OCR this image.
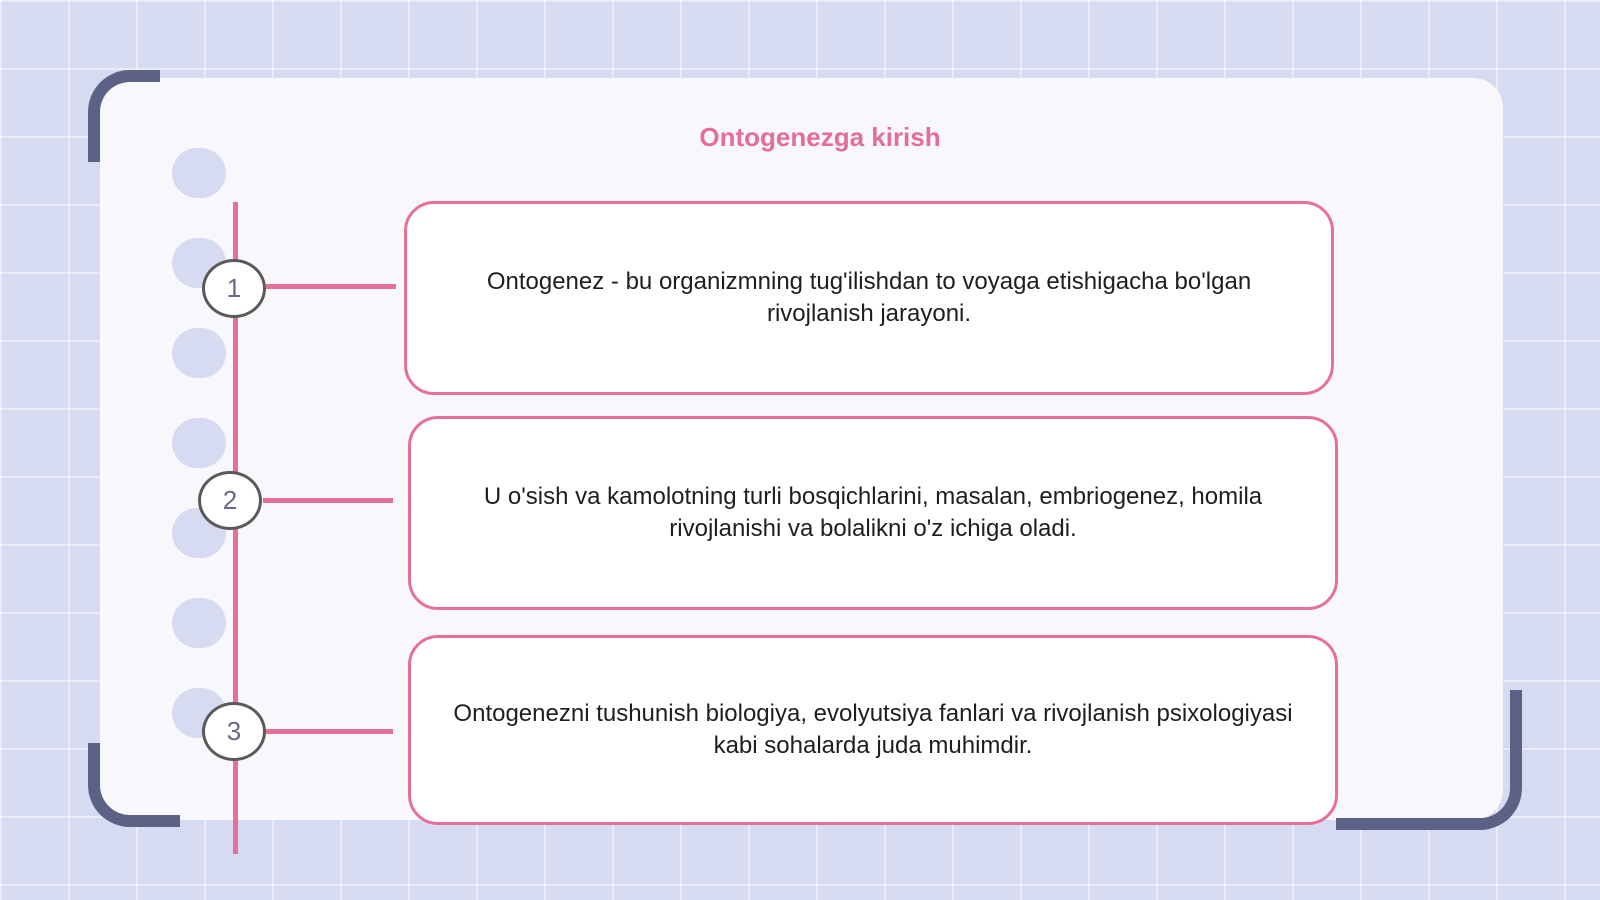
Ontogenezga kirish
1
2
3
Ontogenez - bu organizmning tug'ilishdan to voyaga etishigacha bo'lgan rivojlanish jarayoni.
U o'sish va kamolotning turli bosqichlarini, masalan, embriogenez, homila rivojlanishi va bolalikni o'z ichiga oladi.
Ontogenezni tushunish biologiya, evolyutsiya fanlari va rivojlanish psixologiyasi kabi sohalarda juda muhimdir.
